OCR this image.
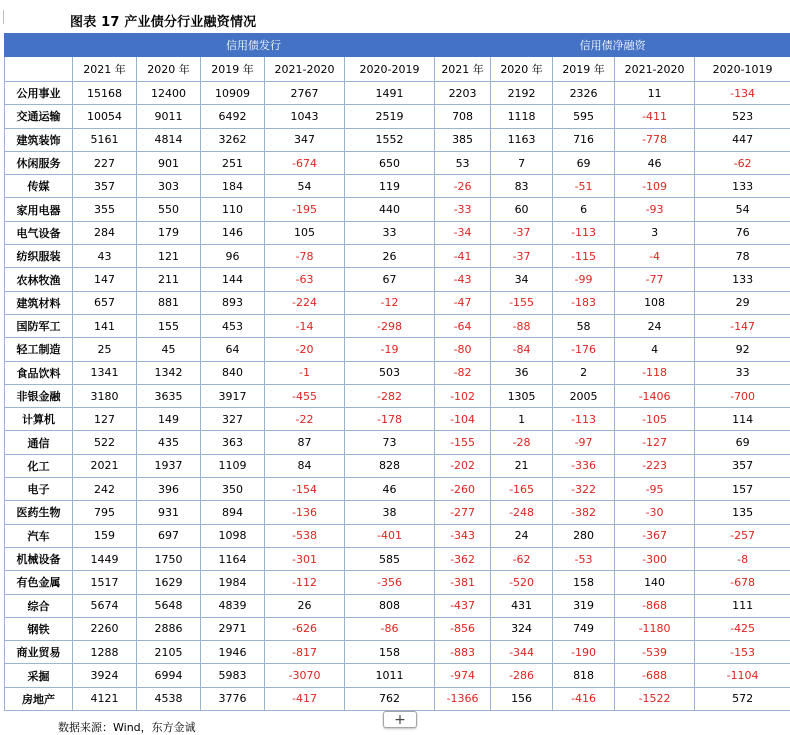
图表 17 产业债分行业融资情况
	信用债发行					信用债净融资				
	2021 年	2020 年	2019 年	2021-2020	2020-2019	2021 年	2020 年	2019 年	2021-2020	2020-1019
公用事业	15168	12400	10909	2767	1491	2203	2192	2326	11	-134
交通运输	10054	9011	6492	1043	2519	708	1118	595	-411	523
建筑装饰	5161	4814	3262	347	1552	385	1163	716	-778	447
休闲服务	227	901	251	-674	650	53	7	69	46	-62
传媒	357	303	184	54	119	-26	83	-51	-109	133
家用电器	355	550	110	-195	440	-33	60	6	-93	54
电气设备	284	179	146	105	33	-34	-37	-113	3	76
纺织服装	43	121	96	-78	26	-41	-37	-115	-4	78
农林牧渔	147	211	144	-63	67	-43	34	-99	-77	133
建筑材料	657	881	893	-224	-12	-47	-155	-183	108	29
国防军工	141	155	453	-14	-298	-64	-88	58	24	-147
轻工制造	25	45	64	-20	-19	-80	-84	-176	4	92
食品饮料	1341	1342	840	-1	503	-82	36	2	-118	33
非银金融	3180	3635	3917	-455	-282	-102	1305	2005	-1406	-700
计算机	127	149	327	-22	-178	-104	1	-113	-105	114
通信	522	435	363	87	73	-155	-28	-97	-127	69
化工	2021	1937	1109	84	828	-202	21	-336	-223	357
电子	242	396	350	-154	46	-260	-165	-322	-95	157
医药生物	795	931	894	-136	38	-277	-248	-382	-30	135
汽车	159	697	1098	-538	-401	-343	24	280	-367	-257
机械设备	1449	1750	1164	-301	585	-362	-62	-53	-300	-8
有色金属	1517	1629	1984	-112	-356	-381	-520	158	140	-678
综合	5674	5648	4839	26	808	-437	431	319	-868	111
钢铁	2260	2886	2971	-626	-86	-856	324	749	-1180	-425
商业贸易	1288	2105	1946	-817	158	-883	-344	-190	-539	-153
采掘	3924	6994	5983	-3070	1011	-974	-286	818	-688	-1104
房地产	4121	4538	3776	-417	762	-1366	156	-416	-1522	572
+
数据来源：Wind，东方金诚
